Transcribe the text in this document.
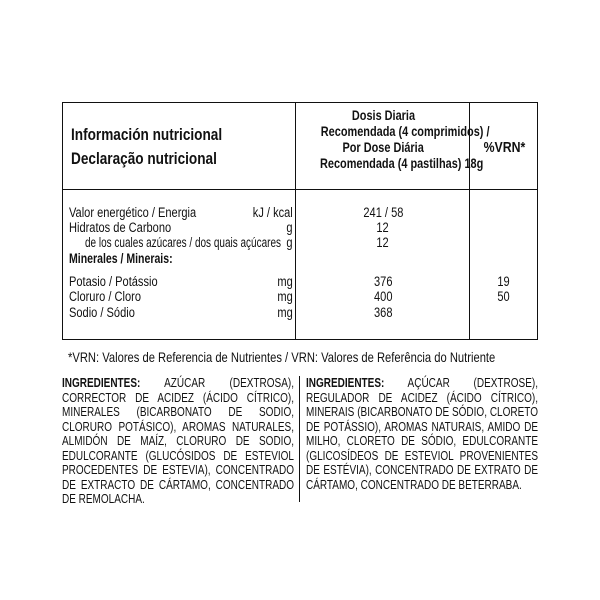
Información nutricional
Declaração nutricional
Dosis Diaria
Recomendada (4 comprimidos) /
Por Dose Diária
Recomendada (4 pastilhas) 18g
%VRN*
Valor energético / Energia	kJ / kcal	241 / 58
Hidratos de Carbono	g	12
de los cuales azúcares / dos quais açúcares g	12
Minerales / Minerais:
Potasio / Potássio	mg	376	19
Cloruro / Cloro	mg	400	50
Sodio / Sódio	mg	368
*VRN: Valores de Referencia de Nutrientes / VRN: Valores de Referência do Nutriente
INGREDIENTES: AZÚCAR (DEXTROSA), CORRECTOR DE ACIDEZ (ÁCIDO CÍTRICO), MINERALES (BICARBONATO DE SODIO, CLORURO POTÁSICO), AROMAS NATURALES, ALMIDÓN DE MAÍZ, CLORURO DE SODIO, EDULCORANTE (GLUCÓSIDOS DE ESTEVIOL PROCEDENTES DE ESTEVIA), CONCENTRADO DE EXTRACTO DE CÁRTAMO, CONCENTRADO DE REMOLACHA.
INGREDIENTES: AÇÚCAR (DEXTROSE), REGULADOR DE ACIDEZ (ÁCIDO CÍTRICO), MINERAIS (BICARBONATO DE SÓDIO, CLORETO DE POTÁSSIO), AROMAS NATURAIS, AMIDO DE MILHO, CLORETO DE SÓDIO, EDULCORANTE (GLICOSÍDEOS DE ESTEVIOL PROVENIENTES DE ESTÉVIA), CONCENTRADO DE EXTRATO DE CÁRTAMO, CONCENTRADO DE BETERRABA.
